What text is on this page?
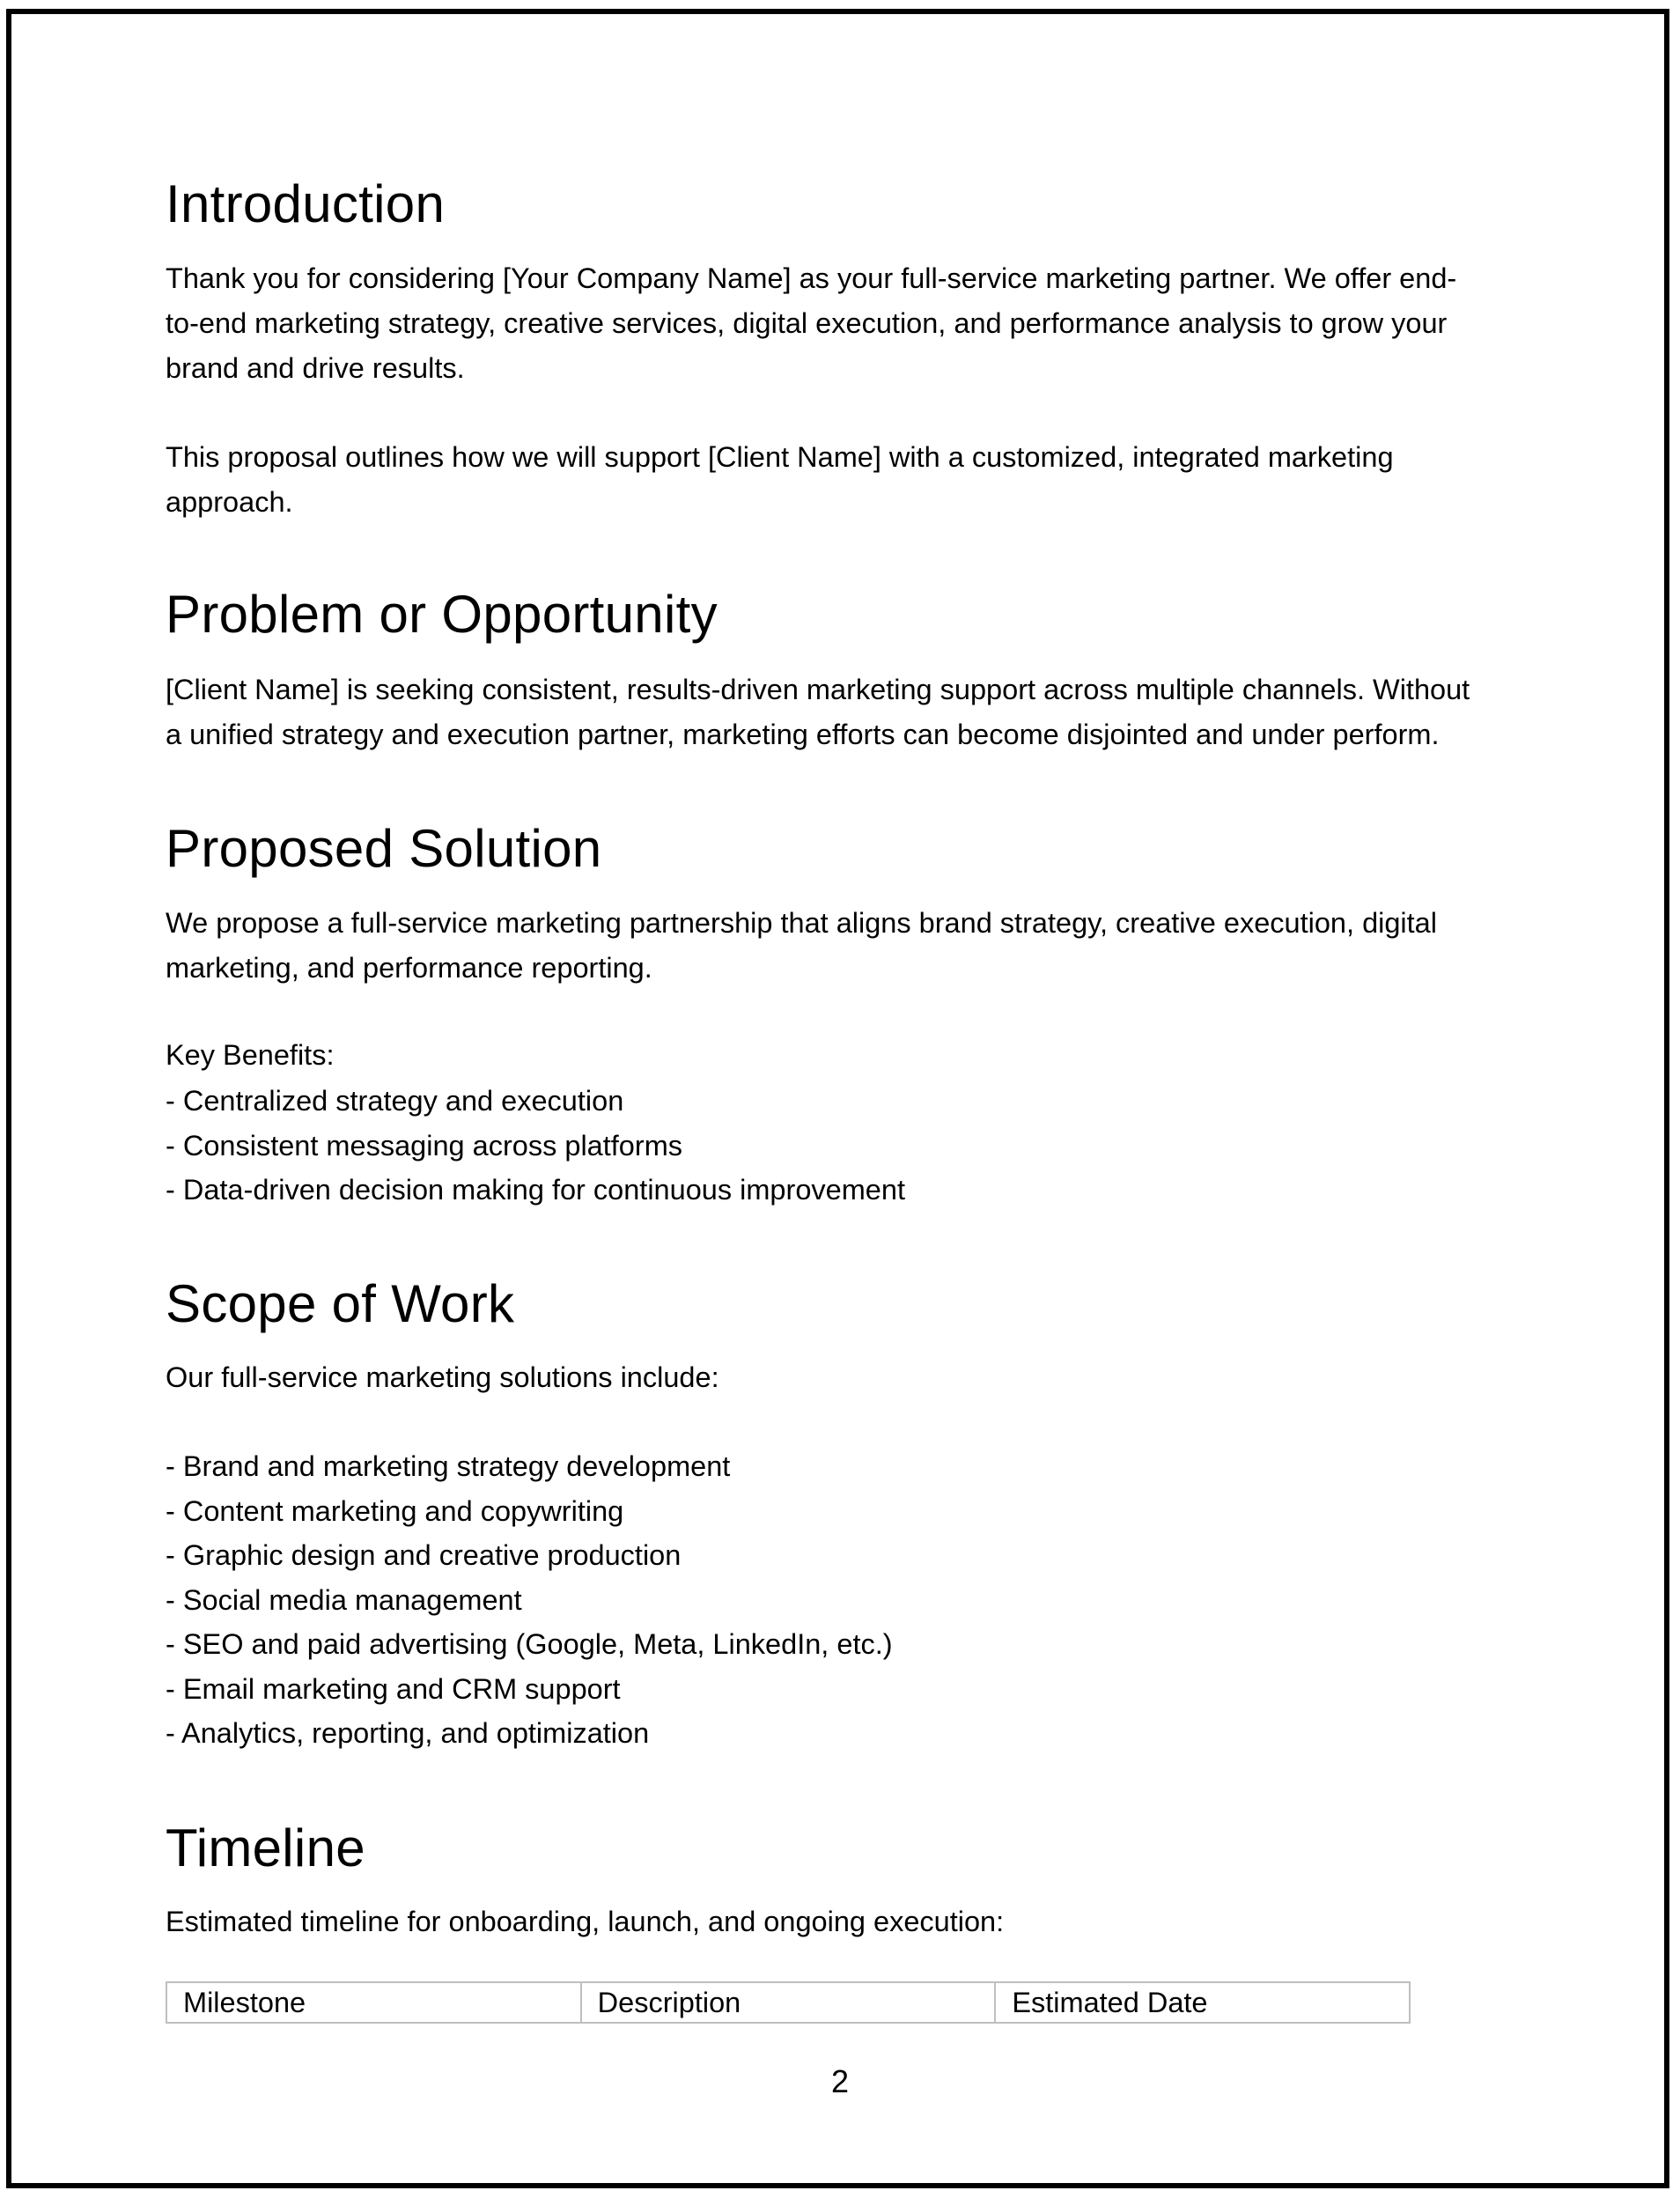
Introduction
Thank you for considering [Your Company Name] as your full-service marketing partner. We offer end-
to-end marketing strategy, creative services, digital execution, and performance analysis to grow your
brand and drive results.
This proposal outlines how we will support [Client Name] with a customized, integrated marketing
approach.
Problem or Opportunity
[Client Name] is seeking consistent, results-driven marketing support across multiple channels. Without
a unified strategy and execution partner, marketing efforts can become disjointed and under perform.
Proposed Solution
We propose a full-service marketing partnership that aligns brand strategy, creative execution, digital
marketing, and performance reporting.
Key Benefits:
- Centralized strategy and execution
- Consistent messaging across platforms
- Data-driven decision making for continuous improvement
Scope of Work
Our full-service marketing solutions include:
- Brand and marketing strategy development
- Content marketing and copywriting
- Graphic design and creative production
- Social media management
- SEO and paid advertising (Google, Meta, LinkedIn, etc.)
- Email marketing and CRM support
- Analytics, reporting, and optimization
Timeline
Estimated timeline for onboarding, launch, and ongoing execution:
Milestone	Description	Estimated Date
2
